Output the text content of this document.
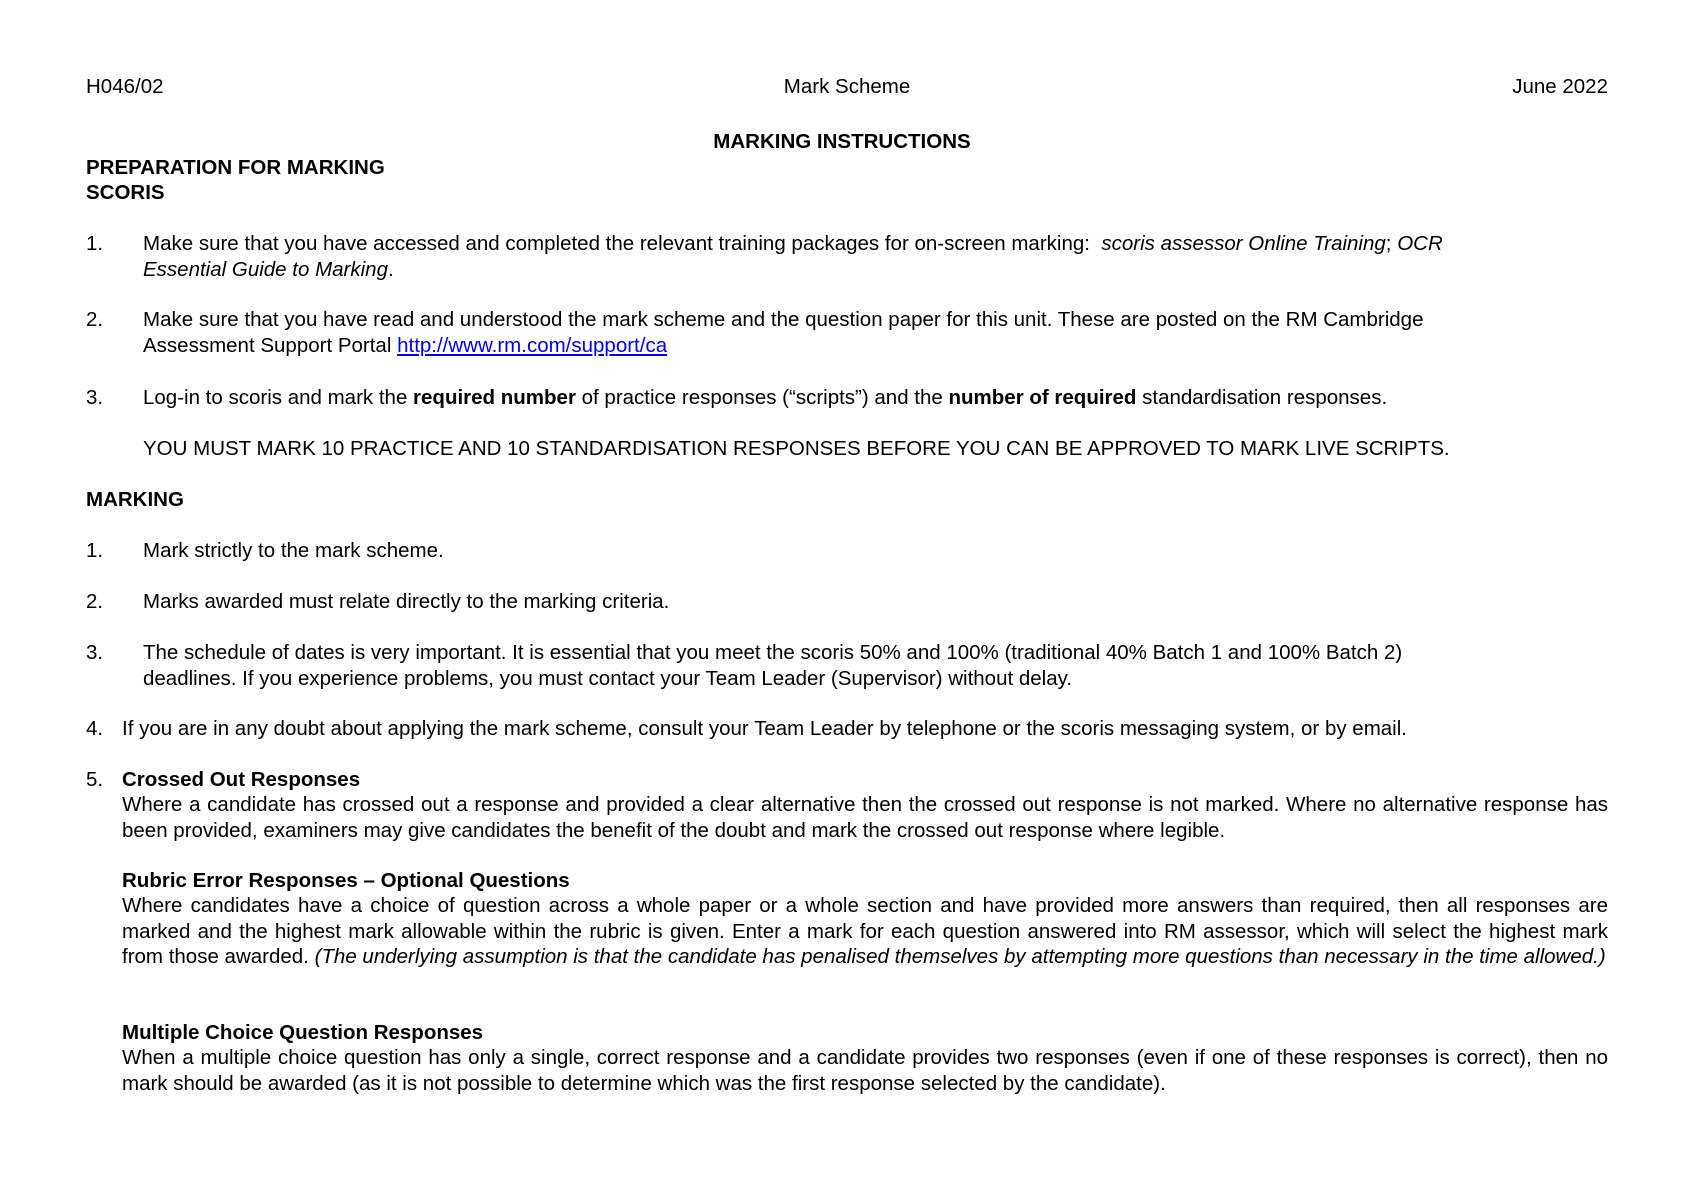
Mark Scheme
H046/02	June 2022
MARKING INSTRUCTIONS
PREPARATION FOR MARKING
SCORIS
1. Make sure that you have accessed and completed the relevant training packages for on-screen marking:  scoris assessor Online Training; OCR
Essential Guide to Marking.
2. Make sure that you have read and understood the mark scheme and the question paper for this unit. These are posted on the RM Cambridge
Assessment Support Portal http://www.rm.com/support/ca
3. Log-in to scoris and mark the required number of practice responses (“scripts”) and the number of required standardisation responses.
YOU MUST MARK 10 PRACTICE AND 10 STANDARDISATION RESPONSES BEFORE YOU CAN BE APPROVED TO MARK LIVE SCRIPTS.
MARKING
1. Mark strictly to the mark scheme.
2. Marks awarded must relate directly to the marking criteria.
3. The schedule of dates is very important. It is essential that you meet the scoris 50% and 100% (traditional 40% Batch 1 and 100% Batch 2)
deadlines. If you experience problems, you must contact your Team Leader (Supervisor) without delay.
4. If you are in any doubt about applying the mark scheme, consult your Team Leader by telephone or the scoris messaging system, or by email.
5. Crossed Out Responses
Where a candidate has crossed out a response and provided a clear alternative then the crossed out response is not marked. Where no alternative response has been provided, examiners may give candidates the benefit of the doubt and mark the crossed out response where legible.
Rubric Error Responses – Optional Questions
Where candidates have a choice of question across a whole paper or a whole section and have provided more answers than required, then all responses are marked and the highest mark allowable within the rubric is given. Enter a mark for each question answered into RM assessor, which will select the highest mark from those awarded. (The underlying assumption is that the candidate has penalised themselves by attempting more questions than necessary in the time allowed.)
Multiple Choice Question Responses
When a multiple choice question has only a single, correct response and a candidate provides two responses (even if one of these responses is correct), then no mark should be awarded (as it is not possible to determine which was the first response selected by the candidate).
